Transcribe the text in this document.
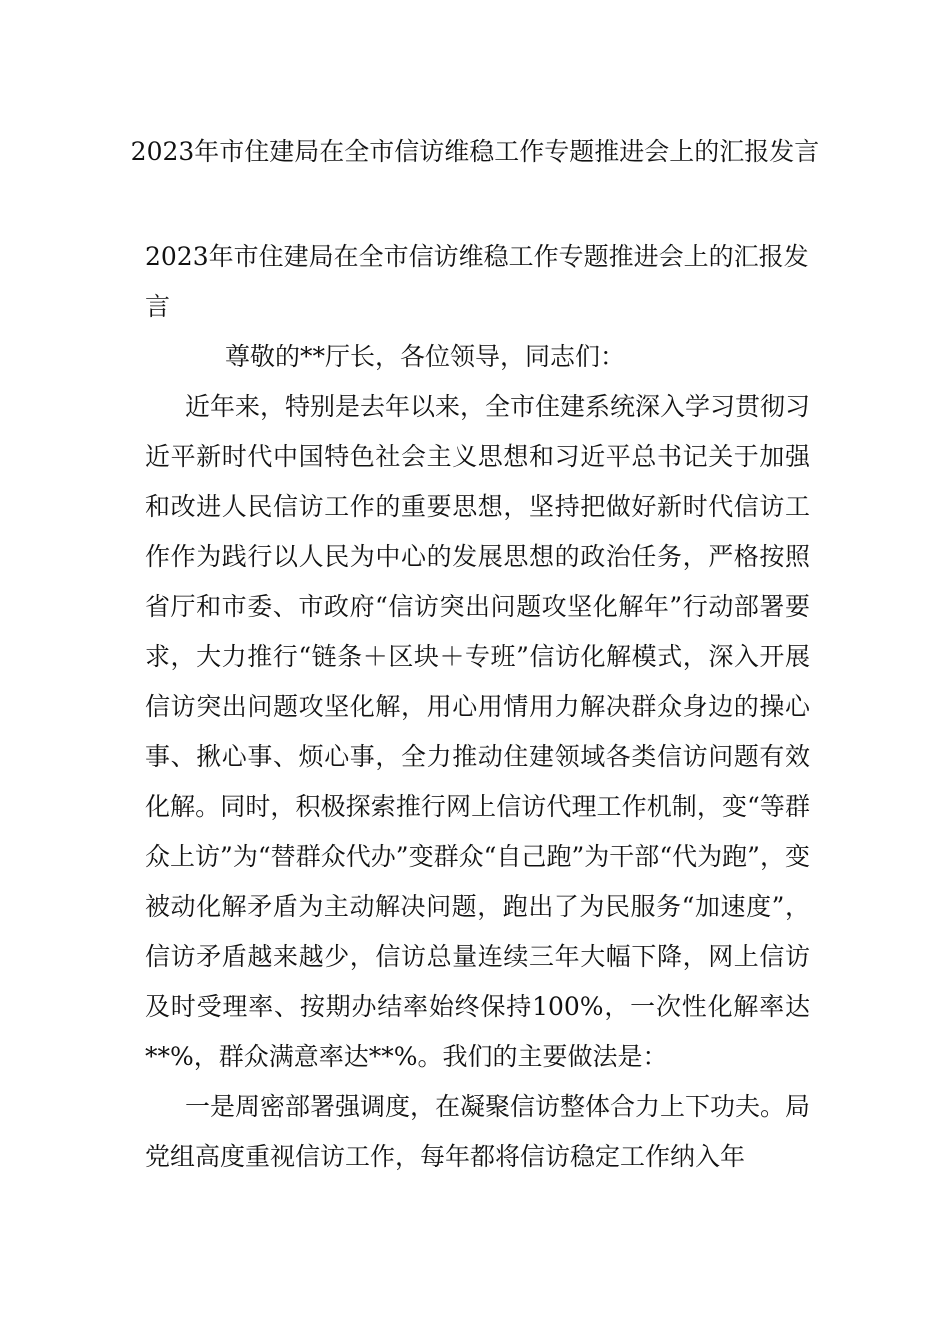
2023年市住建局在全市信访维稳工作专题推进会上的汇报发言
2023年市住建局在全市信访维稳工作专题推进会上的汇报发言

尊敬的**厅长，各位领导，同志们：

近年来，特别是去年以来，全市住建系统深入学习贯彻习近平新时代中国特色社会主义思想和习近平总书记关于加强和改进人民信访工作的重要思想，坚持把做好新时代信访工作作为践行以人民为中心的发展思想的政治任务，严格按照省厅和市委、市政府“信访突出问题攻坚化解年”行动部署要求，大力推行“链条＋区块＋专班”信访化解模式，深入开展信访突出问题攻坚化解，用心用情用力解决群众身边的操心事、揪心事、烦心事，全力推动住建领域各类信访问题有效化解。同时，积极探索推行网上信访代理工作机制，变“等群众上访”为“替群众代办”变群众“自己跑”为干部“代为跑”，变被动化解矛盾为主动解决问题，跑出了为民服务“加速度”，信访矛盾越来越少，信访总量连续三年大幅下降，网上信访及时受理率、按期办结率始终保持100%，一次性化解率达**%，群众满意率达**%。我们的主要做法是：

一是周密部署强调度，在凝聚信访整体合力上下功夫。局党组高度重视信访工作，每年都将信访稳定工作纳入年
